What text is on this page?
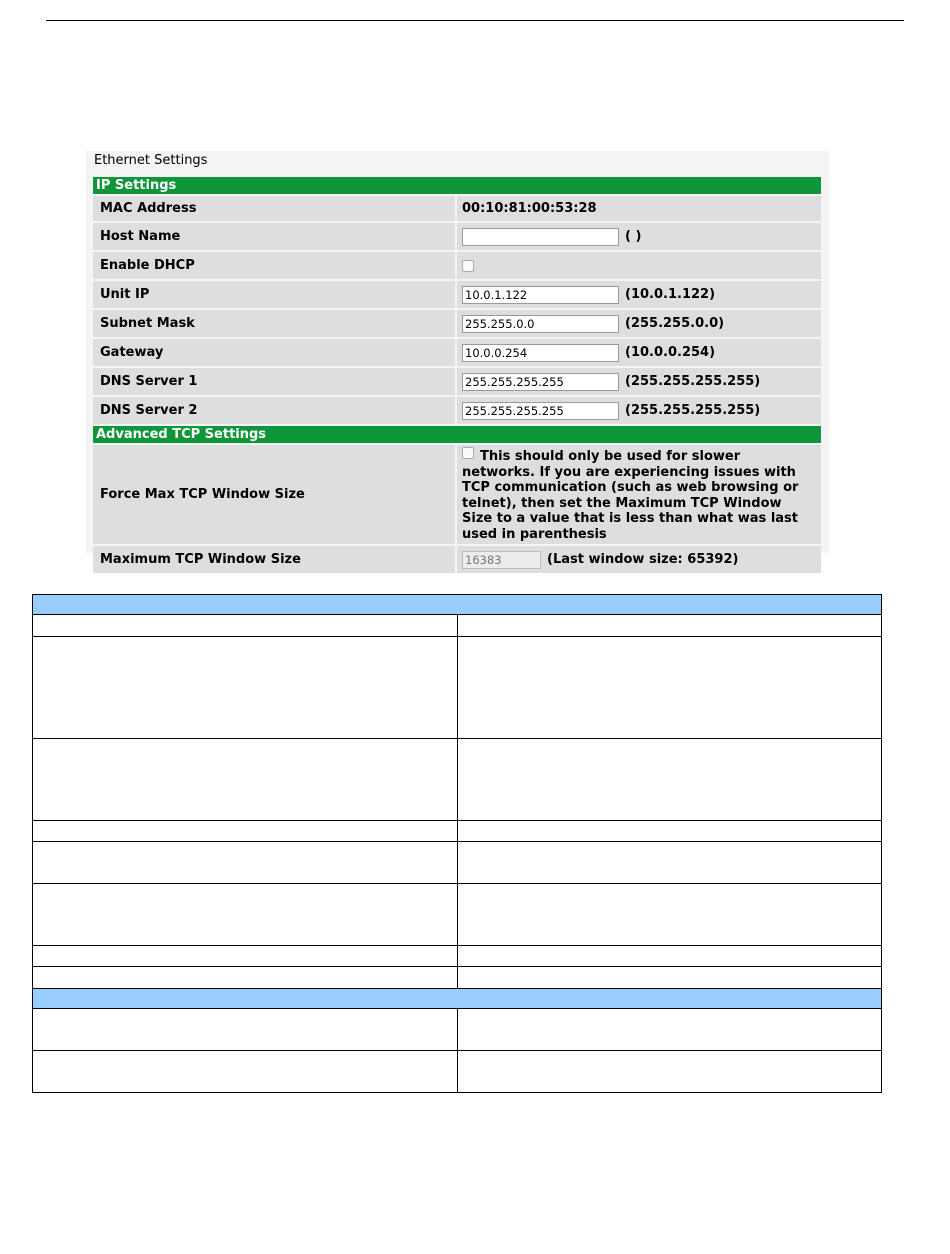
Ethernet Settings
IP Settings	
MAC Address	00:10:81:00:53:28
Host Name	( )
Enable DHCP	
Unit IP	10.0.1.122 (10.0.1.122)
Subnet Mask	255.255.0.0 (255.255.0.0)
Gateway	10.0.0.254 (10.0.0.254)
DNS Server 1	255.255.255.255 (255.255.255.255)
DNS Server 2	255.255.255.255 (255.255.255.255)
Advanced TCP Settings	
Force Max TCP Window Size	This should only be used for slower networks. If you are experiencing issues with TCP communication (such as web browsing or telnet), then set the Maximum TCP Window Size to a value that is less than what was last used in parenthesis
Maximum TCP Window Size	16383 (Last window size: 65392)
